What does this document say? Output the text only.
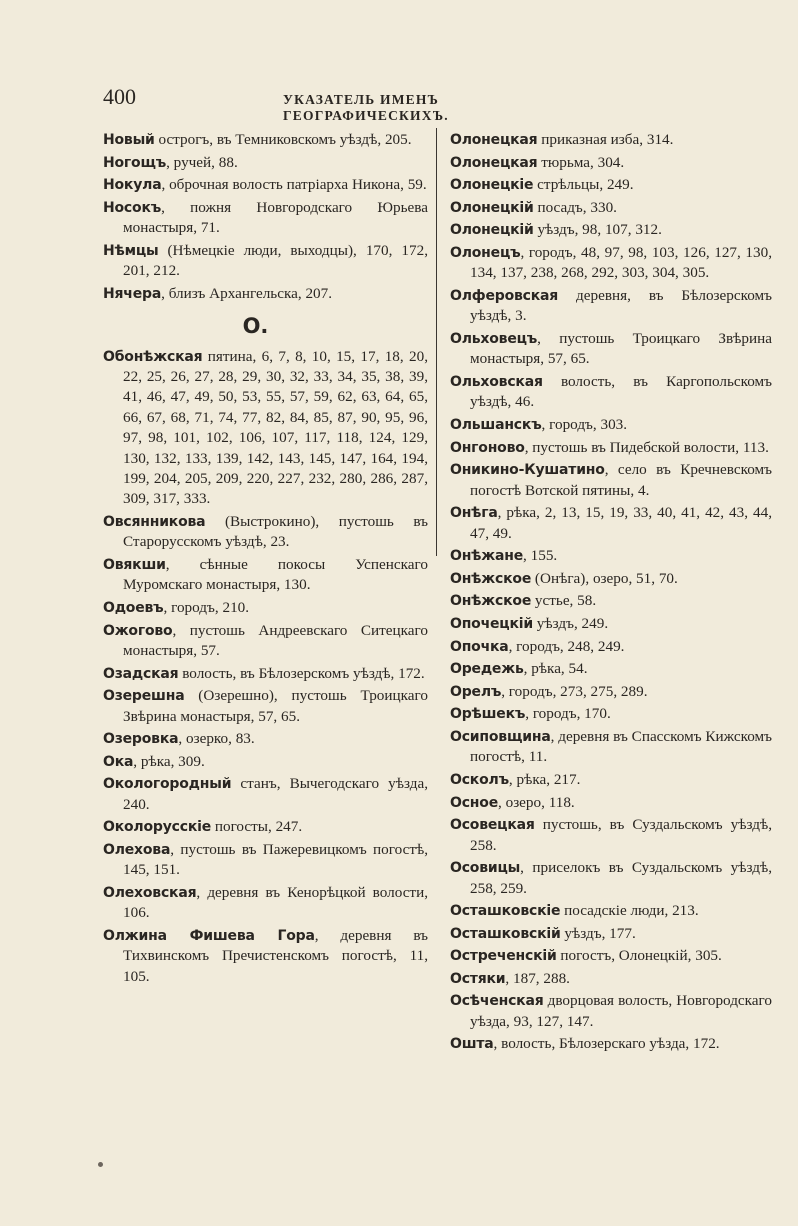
400	УКАЗАТЕЛЬ ИМЕНЪ ГЕОГРАФИЧЕСКИХЪ.
Новый острогъ, въ Темниковскомъ уѣздѣ, 205.
Ногощъ, ручей, 88.
Нокула, оброчная волость патріарха Никона, 59.
Носокъ, пожня Новгородскаго Юрьева монастыря, 71.
Нѣмцы (Нѣмецкіе люди, выходцы), 170, 172, 201, 212.
Нячера, близъ Архангельска, 207.
О.
Обонѣжская пятина, 6, 7, 8, 10, 15, 17, 18, 20, 22, 25, 26, 27, 28, 29, 30, 32, 33, 34, 35, 38, 39, 41, 46, 47, 49, 50, 53, 55, 57, 59, 62, 63, 64, 65, 66, 67, 68, 71, 74, 77, 82, 84, 85, 87, 90, 95, 96, 97, 98, 101, 102, 106, 107, 117, 118, 124, 129, 130, 132, 133, 139, 142, 143, 145, 147, 164, 194, 199, 204, 205, 209, 220, 227, 232, 280, 286, 287, 309, 317, 333.
Овсянникова (Выстрокино), пустошь въ Старорусскомъ уѣздѣ, 23.
Овякши, сѣнные покосы Успенскаго Муромскаго монастыря, 130.
Одоевъ, городъ, 210.
Ожогово, пустошь Андреевскаго Ситецкаго монастыря, 57.
Озадская волость, въ Бѣлозерскомъ уѣздѣ, 172.
Озерешна (Озерешно), пустошь Троицкаго Звѣрина монастыря, 57, 65.
Озеровка, озерко, 83.
Ока, рѣка, 309.
Окологородный станъ, Вычегодскаго уѣзда, 240.
Околорусскіе погосты, 247.
Олехова, пустошь въ Пажеревицкомъ погостѣ, 145, 151.
Олеховская, деревня въ Кенорѣцкой волости, 106.
Олжина Фишева Гора, деревня въ Тихвинскомъ Пречистенскомъ погостѣ, 11, 105.
Олонецкая приказная изба, 314.
Олонецкая тюрьма, 304.
Олонецкіе стрѣльцы, 249.
Олонецкій посадъ, 330.
Олонецкій уѣздъ, 98, 107, 312.
Олонецъ, городъ, 48, 97, 98, 103, 126, 127, 130, 134, 137, 238, 268, 292, 303, 304, 305.
Олферовская деревня, въ Бѣлозерскомъ уѣздѣ, 3.
Ольховецъ, пустошь Троицкаго Звѣрина монастыря, 57, 65.
Ольховская волость, въ Каргопольскомъ уѣздѣ, 46.
Ольшанскъ, городъ, 303.
Онгоново, пустошь въ Пидебской волости, 113.
Оникино-Кушатино, село въ Кречневскомъ погостѣ Вотской пятины, 4.
Онѣга, рѣка, 2, 13, 15, 19, 33, 40, 41, 42, 43, 44, 47, 49.
Онѣжане, 155.
Онѣжское (Онѣга), озеро, 51, 70.
Онѣжское устье, 58.
Опочецкій уѣздъ, 249.
Опочка, городъ, 248, 249.
Оредежь, рѣка, 54.
Орелъ, городъ, 273, 275, 289.
Орѣшекъ, городъ, 170.
Осиповщина, деревня въ Спасскомъ Кижскомъ погостѣ, 11.
Осколъ, рѣка, 217.
Осное, озеро, 118.
Осовецкая пустошь, въ Суздальскомъ уѣздѣ, 258.
Осовицы, приселокъ въ Суздальскомъ уѣздѣ, 258, 259.
Осташковскіе посадскіе люди, 213.
Осташковскій уѣздъ, 177.
Остреченскій погостъ, Олонецкій, 305.
Остяки, 187, 288.
Осѣченская дворцовая волость, Новгородскаго уѣзда, 93, 127, 147.
Ошта, волость, Бѣлозерскаго уѣзда, 172.
